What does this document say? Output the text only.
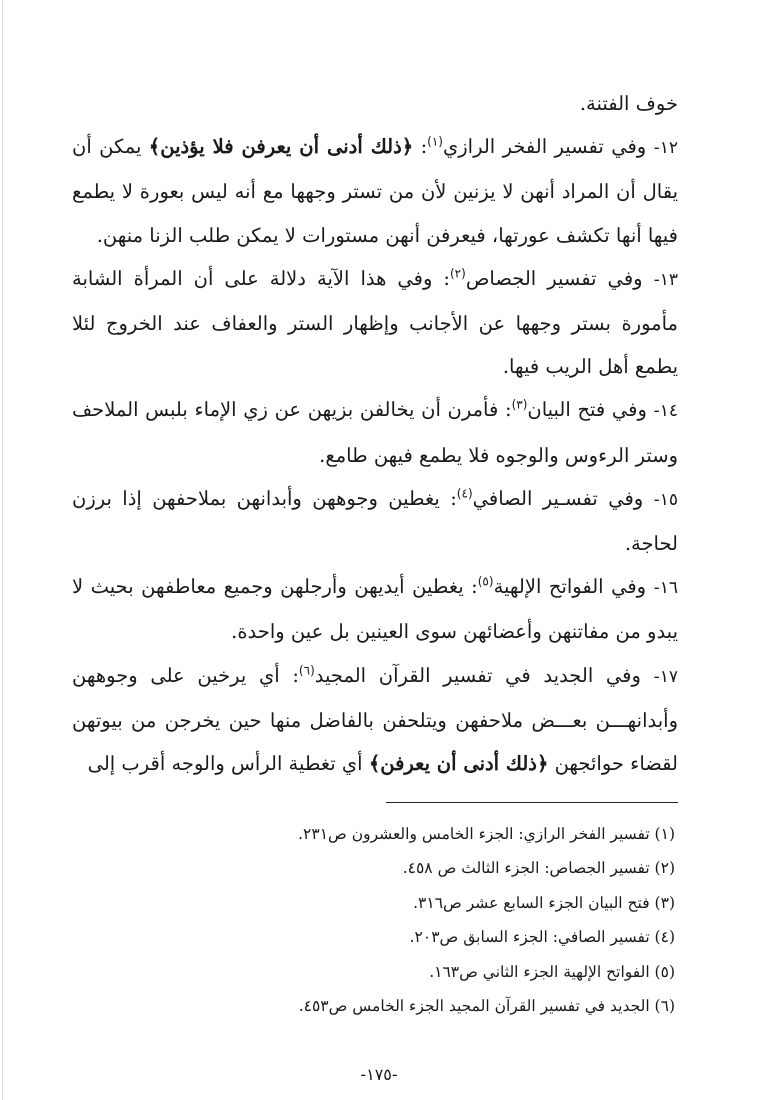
خوف الفتنة.

١٢- وفي تفسير الفخر الرازي$^{(١)}$: ﴿ذلك أدنى أن يعرفن فلا يؤذين﴾ يمكن أن يقال أن المراد أنهن لا يزنين لأن من تستر وجهها مع أنه ليس بعورة لا يطمع فيها أنها تكشف عورتها، فيعرفن أنهن مستورات لا يمكن طلب الزنا منهن.

١٣- وفي تفسير الجصاص$^{(٢)}$: وفي هذا الآية دلالة على أن المرأة الشابة مأمورة بستر وجهها عن الأجانب وإظهار الستر والعفاف عند الخروج لئلا يطمع أهل الريب فيها.

١٤- وفي فتح البيان$^{(٣)}$: فأمرن أن يخالفن بزيهن عن زي الإماء بلبس الملاحف وستر الرءوس والوجوه فلا يطمع فيهن طامع.

١٥- وفي تفسـير الصافي$^{(٤)}$: يغطين وجوههن وأبدانهن بملاحفهن إذا برزن لحاجة.

١٦- وفي الفواتح الإلهية$^{(٥)}$: يغطين أيديهن وأرجلهن وجميع معاطفهن بحيث لا يبدو من مفاتنهن وأعضائهن سوى العينين بل عين واحدة.

١٧- وفي الجديد في تفسير القرآن المجيد$^{(٦)}$: أي يرخين على وجوههن وأبدانهـــن بعـــض ملاحفهن ويتلحفن بالفاضل منها حين يخرجن من بيوتهن لقضاء حوائجهن ﴿ذلك أدنى أن يعرفن﴾ أي تغطية الرأس والوجه أقرب إلى

(١) تفسير الفخر الرازي: الجزء الخامس والعشرون ص٢٣١.

(٢) تفسير الجصاص: الجزء الثالث ص ٤٥٨.

(٣) فتح البيان الجزء السابع عشر ص٣١٦.

(٤) تفسير الصافي: الجزء السابق ص٢٠٣.

(٥) الفواتح الإلهية الجزء الثاني ص١٦٣.

(٦) الجديد في تفسير القرآن المجيد الجزء الخامس ص٤٥٣.

-١٧٥-
